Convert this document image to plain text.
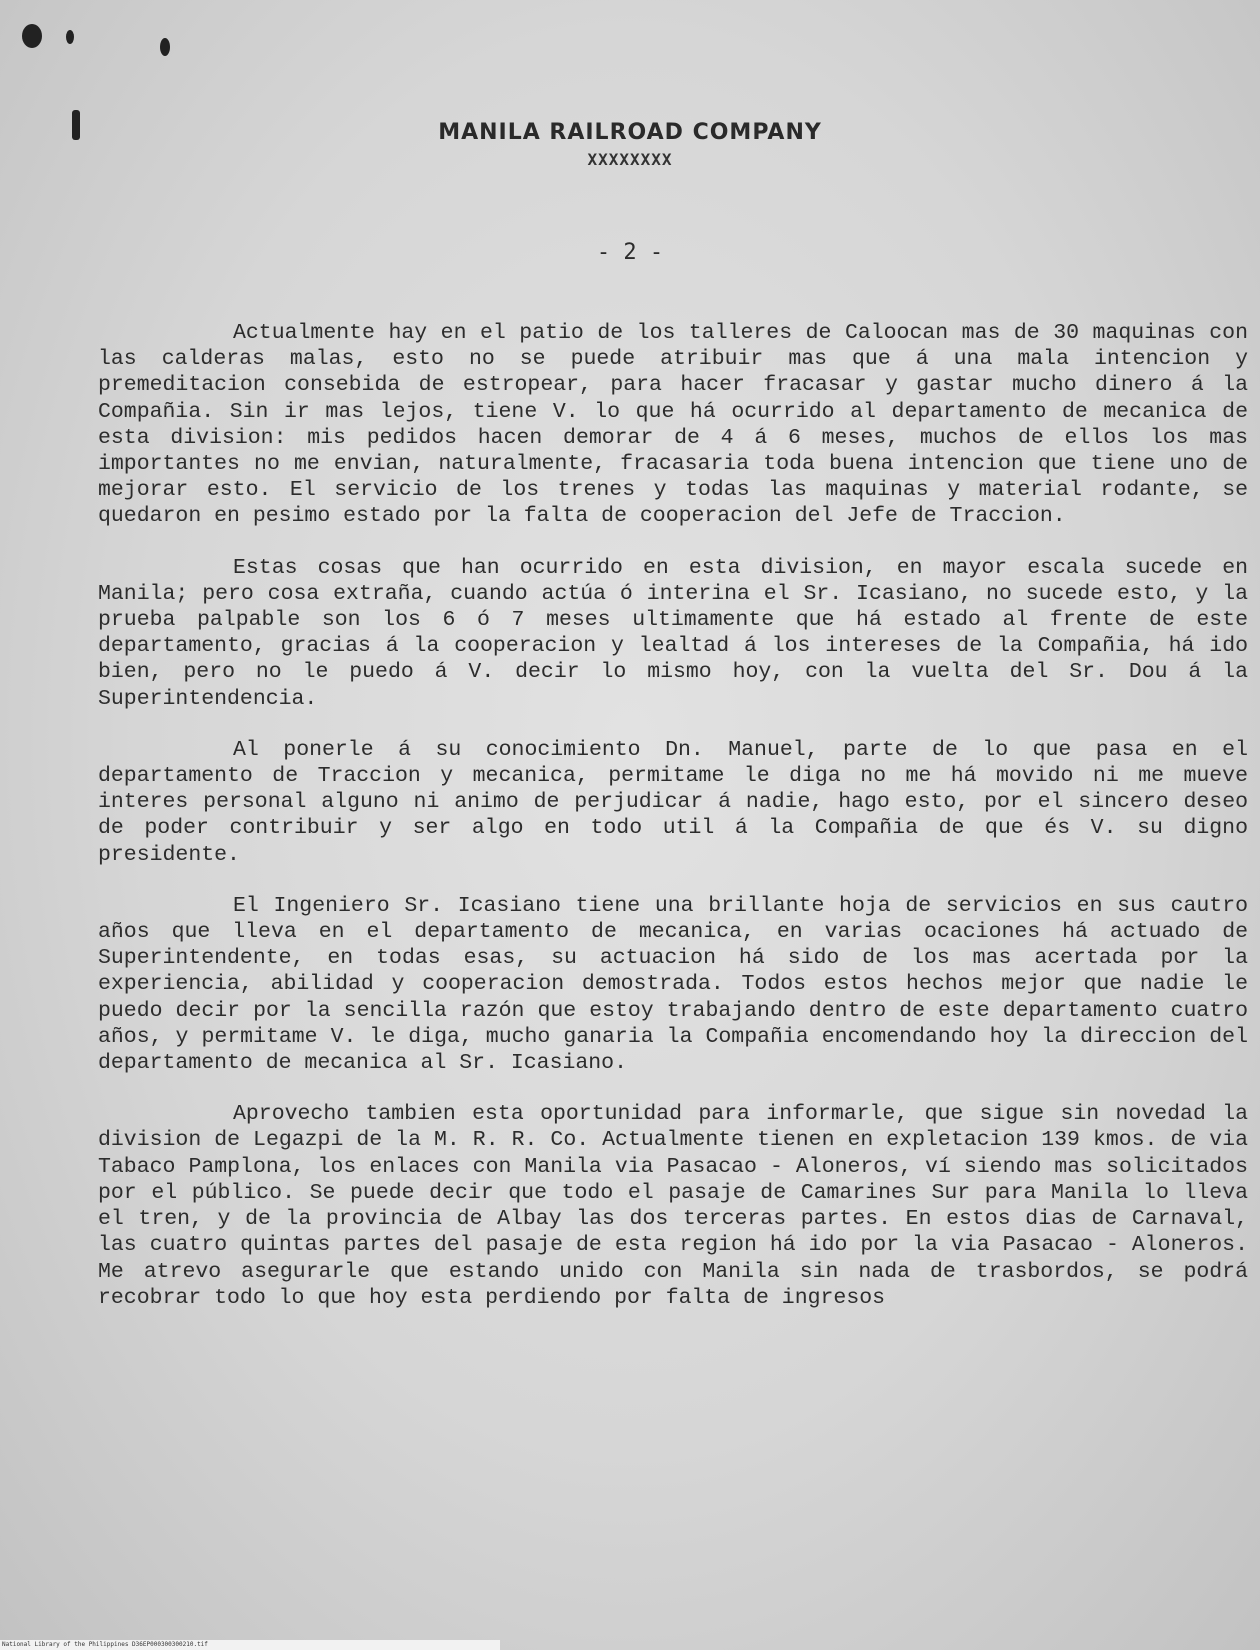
MANILA RAILROAD COMPANY
XXXXXXXX
- 2 -

Actualmente hay en el patio de los talleres de Caloocan mas de 30 maquinas con las calderas malas, esto no se puede atribuir mas que á una mala intencion y premeditacion consebida de estropear, para hacer fracasar y gastar mucho dinero á la Compañia. Sin ir mas lejos, tiene V. lo que há ocurrido al departamento de mecanica de esta division: mis pedidos hacen demorar de 4 á 6 meses, muchos de ellos los mas importantes no me envian, naturalmente, fracasaria toda buena intencion que tiene uno de mejorar esto. El servicio de los trenes y todas las maquinas y material rodante, se quedaron en pesimo estado por la falta de cooperacion del Jefe de Traccion.

Estas cosas que han ocurrido en esta division, en mayor escala sucede en Manila; pero cosa extraña, cuando actúa ó interina el Sr. Icasiano, no sucede esto, y la prueba palpable son los 6 ó 7 meses ultimamente que há estado al frente de este departamento, gracias á la cooperacion y lealtad á los intereses de la Compañia, há ido bien, pero no le puedo á V. decir lo mismo hoy, con la vuelta del Sr. Dou á la Superintendencia.

Al ponerle á su conocimiento Dn. Manuel, parte de lo que pasa en el departamento de Traccion y mecanica, permitame le diga no me há movido ni me mueve interes personal alguno ni animo de perjudicar á nadie, hago esto, por el sincero deseo de poder contribuir y ser algo en todo util á la Compañia de que és V. su digno presidente.

El Ingeniero Sr. Icasiano tiene una brillante hoja de servicios en sus cautro años que lleva en el departamento de mecanica, en varias ocaciones há actuado de Superintendente, en todas esas, su actuacion há sido de los mas acertada por la experiencia, abilidad y cooperacion demostrada. Todos estos hechos mejor que nadie le puedo decir por la sencilla razón que estoy trabajando dentro de este departamento cuatro años, y permitame V. le diga, mucho ganaria la Compañia encomendando hoy la direccion del departamento de mecanica al Sr. Icasiano.

Aprovecho tambien esta oportunidad para informarle, que sigue sin novedad la division de Legazpi de la M. R. R. Co. Actualmente tienen en expletacion 139 kmos. de via Tabaco Pamplona, los enlaces con Manila via Pasacao - Aloneros, ví siendo mas solicitados por el público. Se puede decir que todo el pasaje de Camarines Sur para Manila lo lleva el tren, y de la provincia de Albay las dos terceras partes. En estos dias de Carnaval, las cuatro quintas partes del pasaje de esta region há ido por la via Pasacao - Aloneros. Me atrevo asegurarle que estando unido con Manila sin nada de trasbordos, se podrá recobrar todo lo que hoy esta perdiendo por falta de ingresos

National Library of the Philippines D36EP000300300210.tif
